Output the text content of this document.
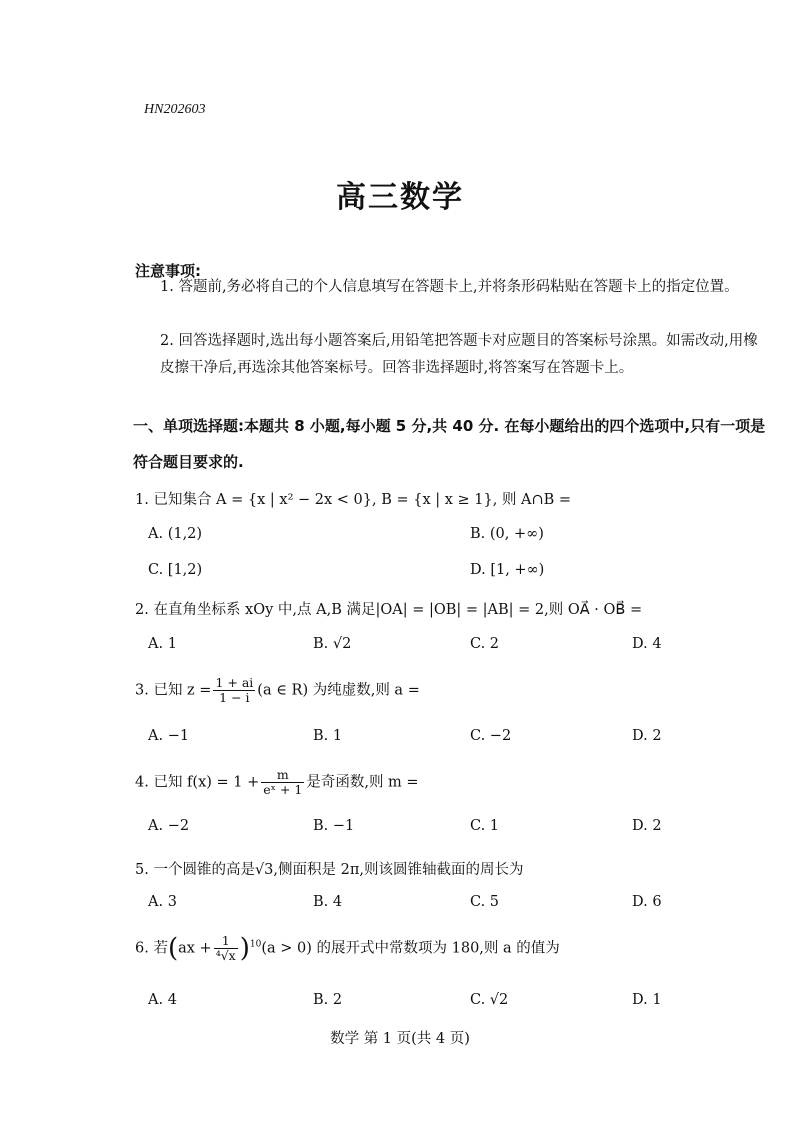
HN202603
高三数学
注意事项:
1. 答题前,务必将自己的个人信息填写在答题卡上,并将条形码粘贴在答题卡上的指定位置。
2. 回答选择题时,选出每小题答案后,用铅笔把答题卡对应题目的答案标号涂黑。如需改动,用橡皮擦干净后,再选涂其他答案标号。回答非选择题时,将答案写在答题卡上。
一、单项选择题:本题共 8 小题,每小题 5 分,共 40 分. 在每小题给出的四个选项中,只有一项是符合题目要求的.
1. 已知集合 A = {x | x² − 2x < 0}, B = {x | x ≥ 1}, 则 A∩B =
A. (1,2)	B. (0, +∞)
C. [1,2)	D. [1, +∞)
2. 在直角坐标系 xOy 中,点 A,B 满足|OA| = |OB| = |AB| = 2,则 OA⃗ · OB⃗ =
A. 1	B. √2	C. 2	D. 4
3. 已知 $z = \frac{1 + ai}{1 - i} (a$ ∈ R) 为纯虚数,则 a =
A. −1	B. 1	C. −2	D. 2
4. 已知 $f(x) = 1 + \frac{m}{\text{eˣ + 1}}$ 是奇函数,则 m =
A. −2	B. −1	C. 1	D. 2
5. 一个圆锥的高是√3,侧面积是 2π,则该圆锥轴截面的周长为
A. 3	B. 4	C. 5	D. 6
6. 若$(ax + \frac{1}{\text{⁴√x}} )^{10}(a > 0)$ 的展开式中常数项为 180,则 a 的值为
A. 4	B. 2	C. √2	D. 1
数学 第 1 页(共 4 页)
